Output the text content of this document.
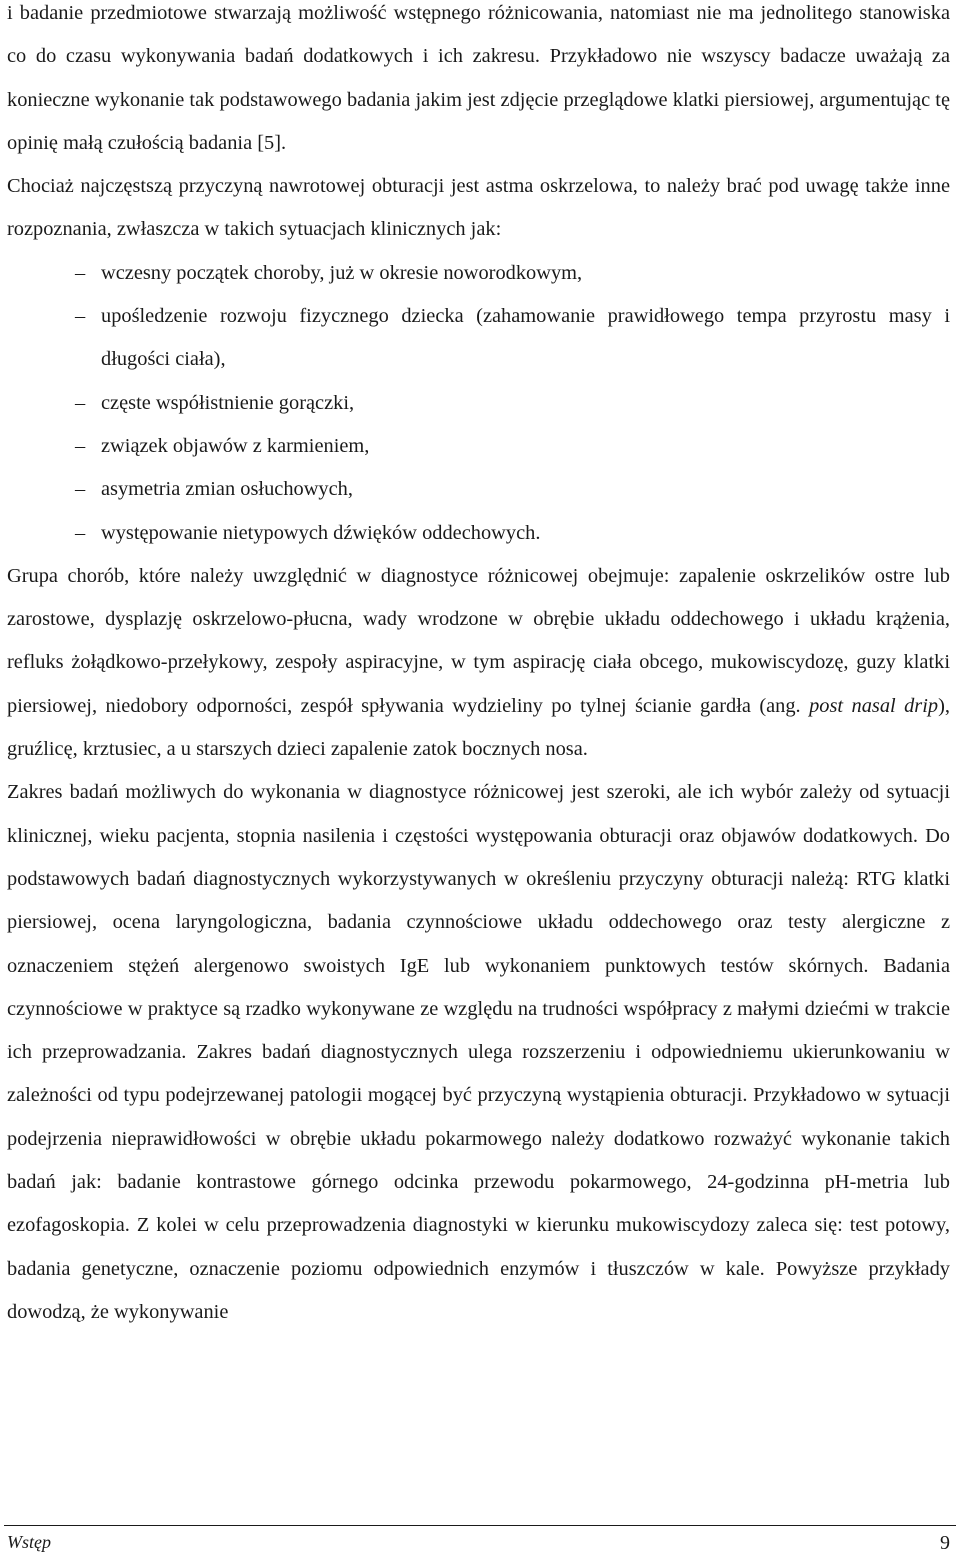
i badanie przedmiotowe stwarzają możliwość wstępnego różnicowania, natomiast nie ma jednolitego stanowiska co do czasu wykonywania badań dodatkowych i ich zakresu. Przykładowo nie wszyscy badacze uważają za konieczne wykonanie tak podstawowego badania jakim jest zdjęcie przeglądowe klatki piersiowej, argumentując tę opinię małą czułością badania [5].

Chociaż najczęstszą przyczyną nawrotowej obturacji jest astma oskrzelowa, to należy brać pod uwagę także inne rozpoznania, zwłaszcza w takich sytuacjach klinicznych jak:

– wczesny początek choroby, już w okresie noworodkowym,
– upośledzenie rozwoju fizycznego dziecka (zahamowanie prawidłowego tempa przyrostu masy i długości ciała),
– częste współistnienie gorączki,
– związek objawów z karmieniem,
– asymetria zmian osłuchowych,
– występowanie nietypowych dźwięków oddechowych.

Grupa chorób, które należy uwzględnić w diagnostyce różnicowej obejmuje: zapalenie oskrzelików ostre lub zarostowe, dysplazję oskrzelowo-płucna, wady wrodzone w obrębie układu oddechowego i układu krążenia, refluks żołądkowo-przełykowy, zespoły aspiracyjne, w tym aspirację ciała obcego, mukowiscydozę, guzy klatki piersiowej, niedobory odporności, zespół spływania wydzieliny po tylnej ścianie gardła (ang. post nasal drip), gruźlicę, krztusiec, a u starszych dzieci zapalenie zatok bocznych nosa.

Zakres badań możliwych do wykonania w diagnostyce różnicowej jest szeroki, ale ich wybór zależy od sytuacji klinicznej, wieku pacjenta, stopnia nasilenia i częstości występowania obturacji oraz objawów dodatkowych. Do podstawowych badań diagnostycznych wykorzystywanych w określeniu przyczyny obturacji należą: RTG klatki piersiowej, ocena laryngologiczna, badania czynnościowe układu oddechowego oraz testy alergiczne z oznaczeniem stężeń alergenowo swoistych IgE lub wykonaniem punktowych testów skórnych. Badania czynnościowe w praktyce są rzadko wykonywane ze względu na trudności współpracy z małymi dziećmi w trakcie ich przeprowadzania. Zakres badań diagnostycznych ulega rozszerzeniu i odpowiedniemu ukierunkowaniu w zależności od typu podejrzewanej patologii mogącej być przyczyną wystąpienia obturacji. Przykładowo w sytuacji podejrzenia nieprawidłowości w obrębie układu pokarmowego należy dodatkowo rozważyć wykonanie takich badań jak: badanie kontrastowe górnego odcinka przewodu pokarmowego, 24-godzinna pH-metria lub ezofagoskopia. Z kolei w celu przeprowadzenia diagnostyki w kierunku mukowiscydozy zaleca się: test potowy, badania genetyczne, oznaczenie poziomu odpowiednich enzymów i tłuszczów w kale. Powyższe przykłady dowodzą, że wykonywanie

Wstęp	9
